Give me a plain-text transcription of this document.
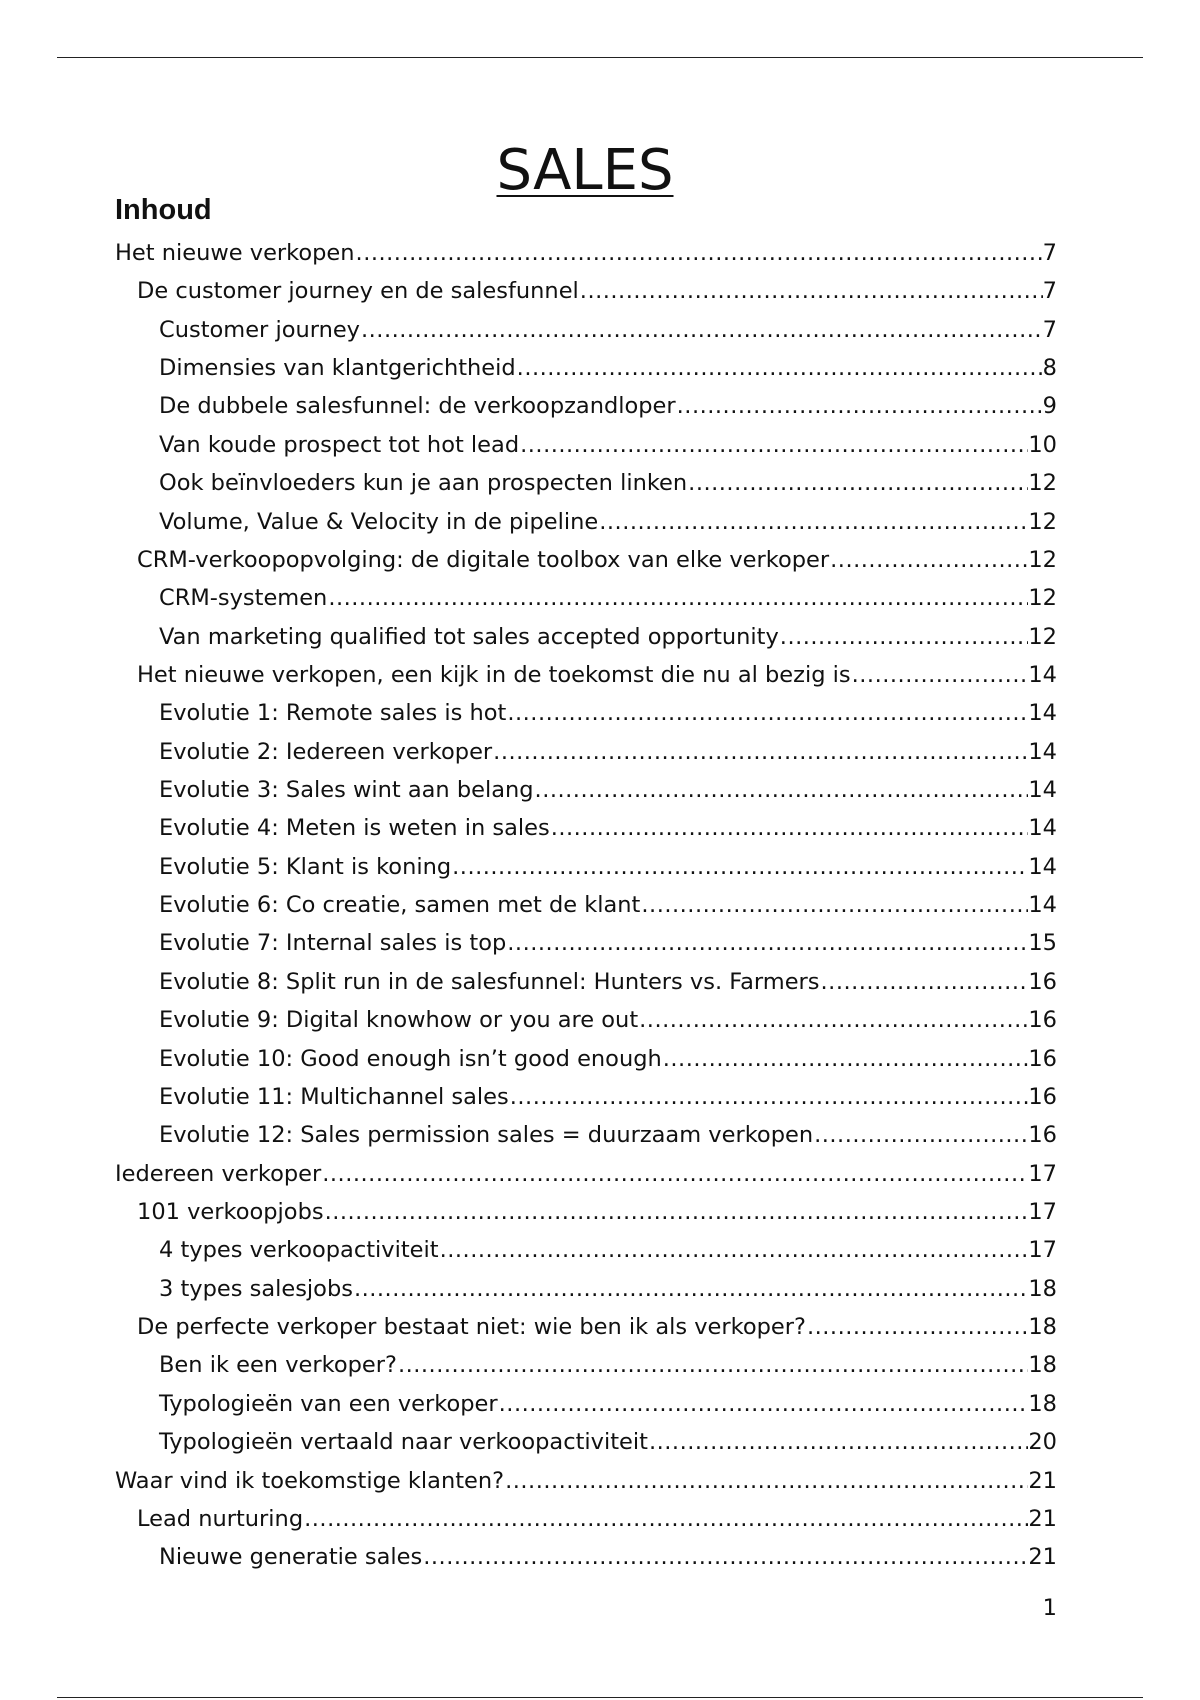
SALES
Inhoud
Het nieuwe verkopen .....	7
De customer journey en de salesfunnel .....	7
Customer journey .....	7
Dimensies van klantgerichtheid .....	8
De dubbele salesfunnel: de verkoopzandloper .....	9
Van koude prospect tot hot lead .....	10
Ook beïnvloeders kun je aan prospecten linken .....	12
Volume, Value & Velocity in de pipeline .....	12
CRM-verkoopopvolging: de digitale toolbox van elke verkoper .....	12
CRM-systemen .....	12
Van marketing qualified tot sales accepted opportunity .....	12
Het nieuwe verkopen, een kijk in de toekomst die nu al bezig is .....	14
Evolutie 1: Remote sales is hot .....	14
Evolutie 2: Iedereen verkoper .....	14
Evolutie 3: Sales wint aan belang .....	14
Evolutie 4: Meten is weten in sales .....	14
Evolutie 5: Klant is koning .....	14
Evolutie 6: Co creatie, samen met de klant .....	14
Evolutie 7: Internal sales is top .....	15
Evolutie 8: Split run in de salesfunnel: Hunters vs. Farmers .....	16
Evolutie 9: Digital knowhow or you are out .....	16
Evolutie 10: Good enough isn’t good enough .....	16
Evolutie 11: Multichannel sales .....	16
Evolutie 12: Sales permission sales = duurzaam verkopen .....	16
Iedereen verkoper .....	17
101 verkoopjobs .....	17
4 types verkoopactiviteit .....	17
3 types salesjobs .....	18
De perfecte verkoper bestaat niet: wie ben ik als verkoper? .....	18
Ben ik een verkoper? .....	18
Typologieën van een verkoper .....	18
Typologieën vertaald naar verkoopactiviteit .....	20
Waar vind ik toekomstige klanten? .....	21
Lead nurturing .....	21
Nieuwe generatie sales .....	21
1
